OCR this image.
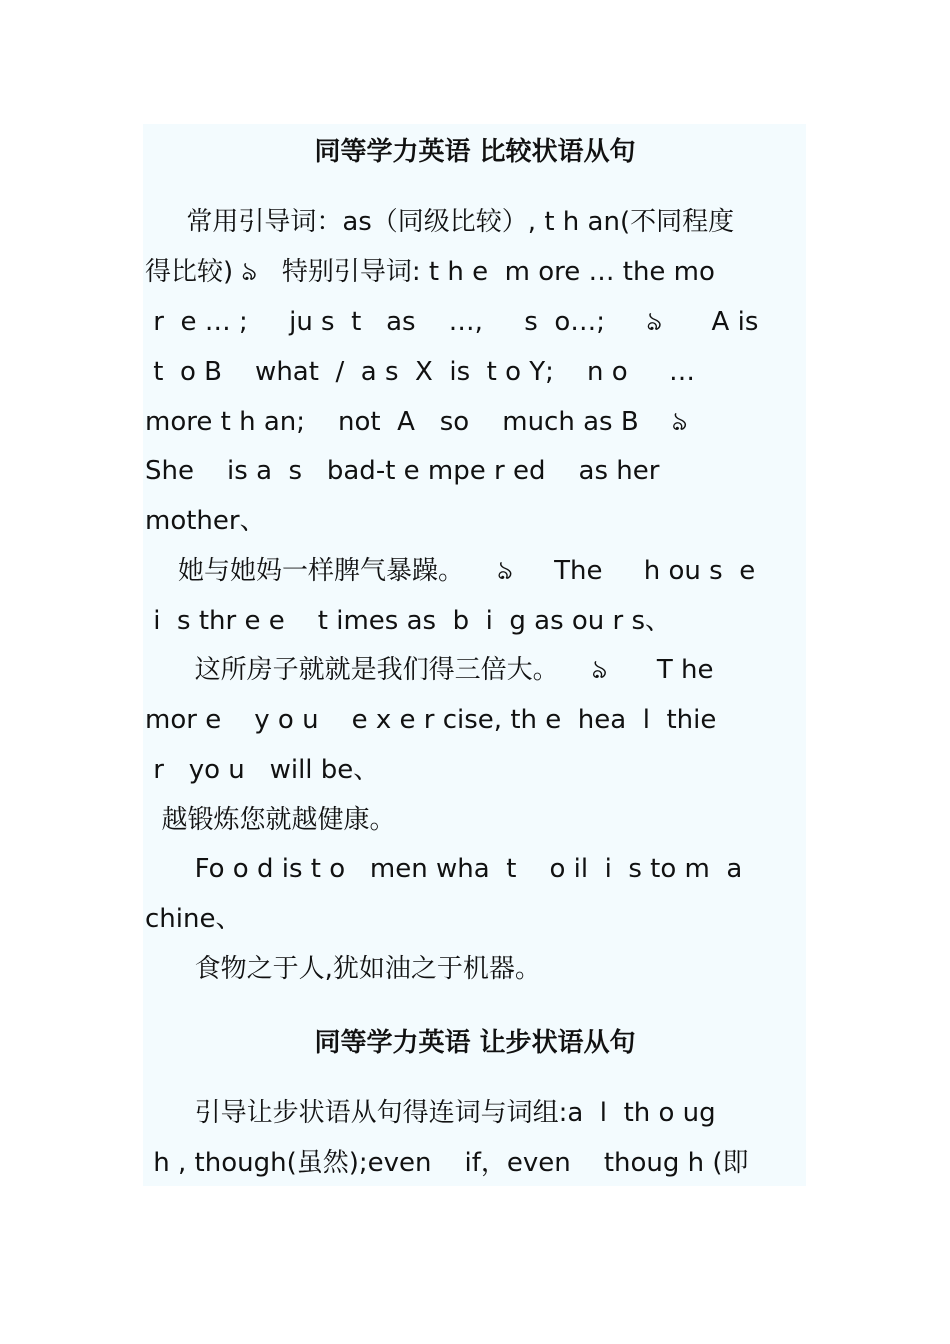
同等学力英语 比较状语从句
常用引导词：as（同级比较）, t h an(不同程度
得比较) ঌ   特别引导词: t h e  m ore … the mo
r  e … ;     ju s  t   as    …,     s  o…;     ঌ      A is
t  o B    what  /  a s  X  is  t o Y;    n o     …
more t h an;    not  A   so    much as B    ঌ
She    is a  s   bad-t e mpe r ed    as her
mother、
她与她妈一样脾气暴躁。    ঌ     The     h ou s  e
i  s thr e e    t imes as  b  i  g as ou r s、
这所房子就就是我们得三倍大。    ঌ      T he
mor e    y o u    e x e r cise, th e  hea  l  thie
r   yo u   will be、
越锻炼您就越健康。
Fo o d is t o   men wha  t    o il  i  s to m  a
chine、
食物之于人,犹如油之于机器。
同等学力英语 让步状语从句
引导让步状语从句得连词与词组:a  l  th o ug
h , though(虽然);even    if，even    thoug h (即
